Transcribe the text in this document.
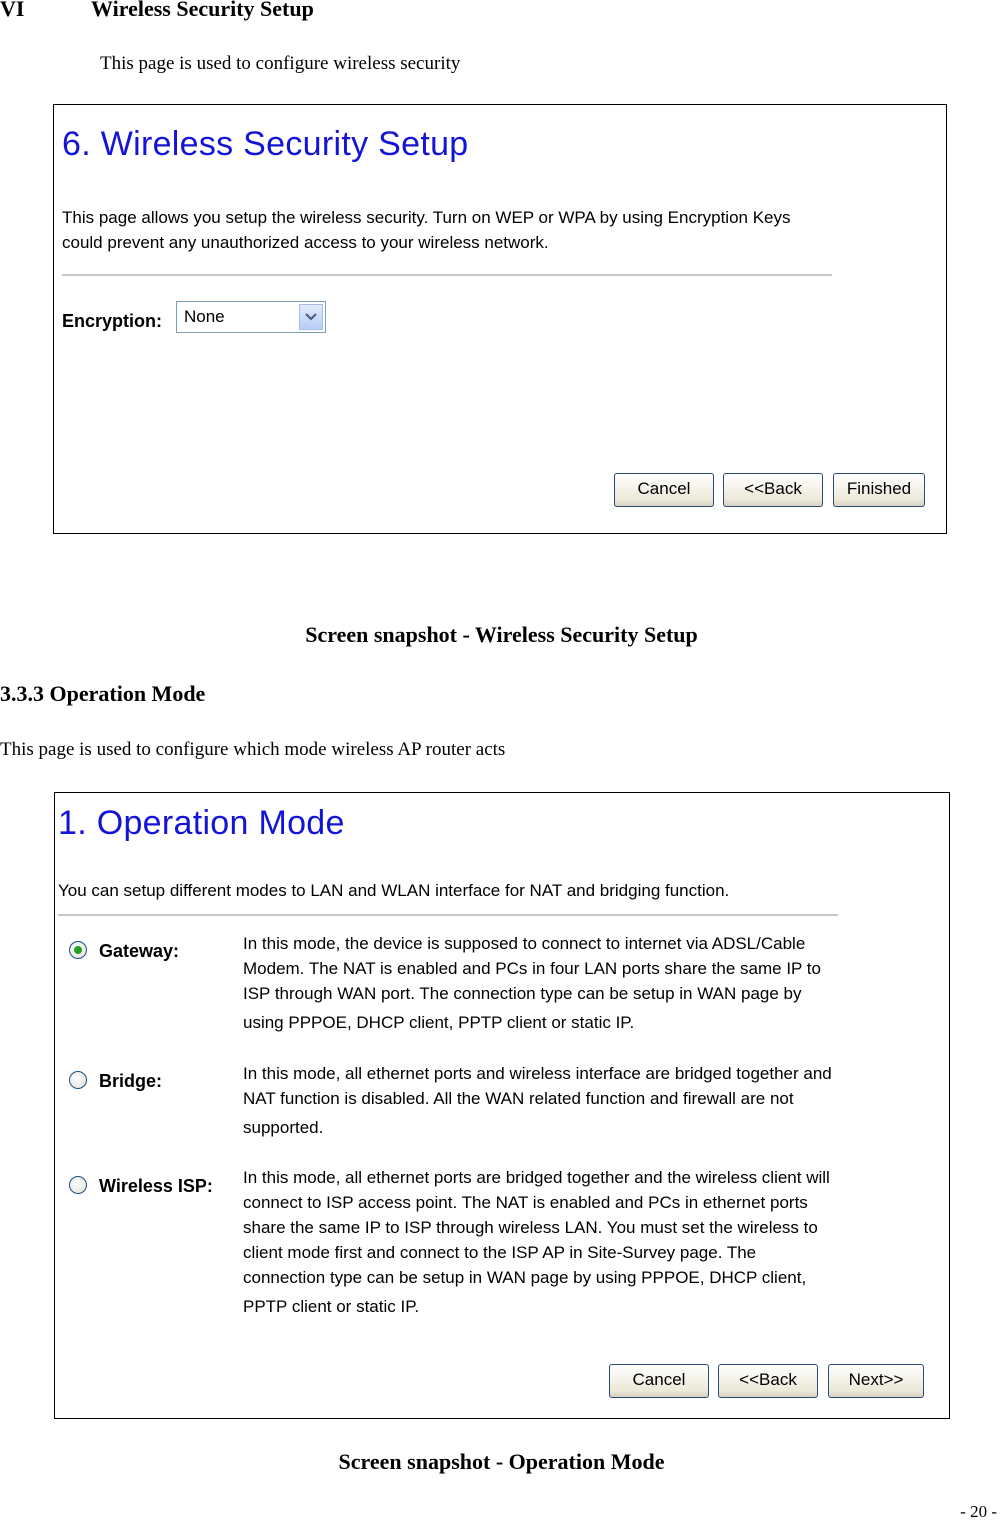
VI	Wireless Security Setup
This page is used to configure wireless security
6. Wireless Security Setup
This page allows you setup the wireless security. Turn on WEP or WPA by using Encryption Keys
could prevent any unauthorized access to your wireless network.
Encryption:	None
Cancel	<<Back	Finished
Screen snapshot - Wireless Security Setup
3.3.3 Operation Mode
This page is used to configure which mode wireless AP router acts
1. Operation Mode
You can setup different modes to LAN and WLAN interface for NAT and bridging function.
Gateway:	In this mode, the device is supposed to connect to internet via ADSL/Cable
Modem. The NAT is enabled and PCs in four LAN ports share the same IP to
ISP through WAN port. The connection type can be setup in WAN page by
using PPPOE, DHCP client, PPTP client or static IP.
Bridge:	In this mode, all ethernet ports and wireless interface are bridged together and
NAT function is disabled. All the WAN related function and firewall are not
supported.
Wireless ISP: In this mode, all ethernet ports are bridged together and the wireless client will
connect to ISP access point. The NAT is enabled and PCs in ethernet ports
share the same IP to ISP through wireless LAN. You must set the wireless to
client mode first and connect to the ISP AP in Site-Survey page. The
connection type can be setup in WAN page by using PPPOE, DHCP client,
PPTP client or static IP.
Cancel	<<Back	Next>>
Screen snapshot - Operation Mode
- 20 -
